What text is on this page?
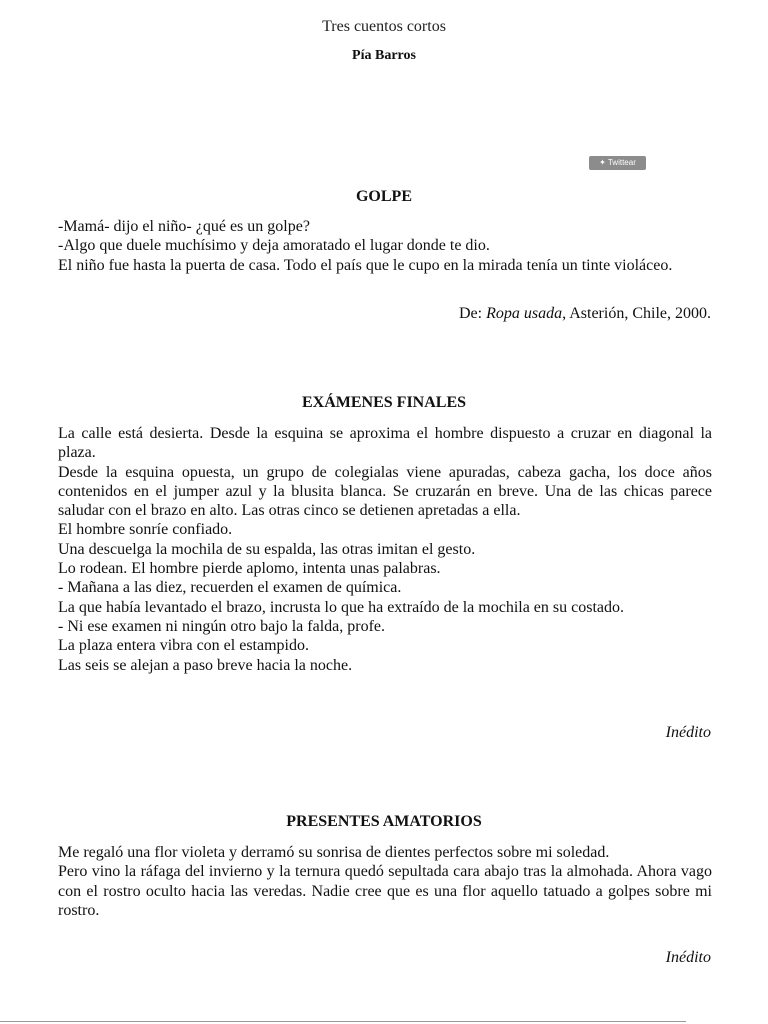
Tres cuentos cortos
Pía Barros
✦ Twittear
GOLPE

-Mamá- dijo el niño- ¿qué es un golpe?

-Algo que duele muchísimo y deja amoratado el lugar donde te dio.

El niño fue hasta la puerta de casa. Todo el país que le cupo en la mirada tenía un tinte violáceo.

De: Ropa usada, Asterión, Chile, 2000.
EXÁMENES FINALES

La calle está desierta. Desde la esquina se aproxima el hombre dispuesto a cruzar en diagonal la plaza.

Desde la esquina opuesta, un grupo de colegialas viene apuradas, cabeza gacha, los doce años contenidos en el jumper azul y la blusita blanca. Se cruzarán en breve. Una de las chicas parece saludar con el brazo en alto. Las otras cinco se detienen apretadas a ella.

El hombre sonríe confiado.

Una descuelga la mochila de su espalda, las otras imitan el gesto.

Lo rodean. El hombre pierde aplomo, intenta unas palabras.

- Mañana a las diez, recuerden el examen de química.

La que había levantado el brazo, incrusta lo que ha extraído de la mochila en su costado.

- Ni ese examen ni ningún otro bajo la falda, profe.

La plaza entera vibra con el estampido.

Las seis se alejan a paso breve hacia la noche.

Inédito
PRESENTES AMATORIOS

Me regaló una flor violeta y derramó su sonrisa de dientes perfectos sobre mi soledad.

Pero vino la ráfaga del invierno y la ternura quedó sepultada cara abajo tras la almohada. Ahora vago con el rostro oculto hacia las veredas. Nadie cree que es una flor aquello tatuado a golpes sobre mi rostro.

Inédito
